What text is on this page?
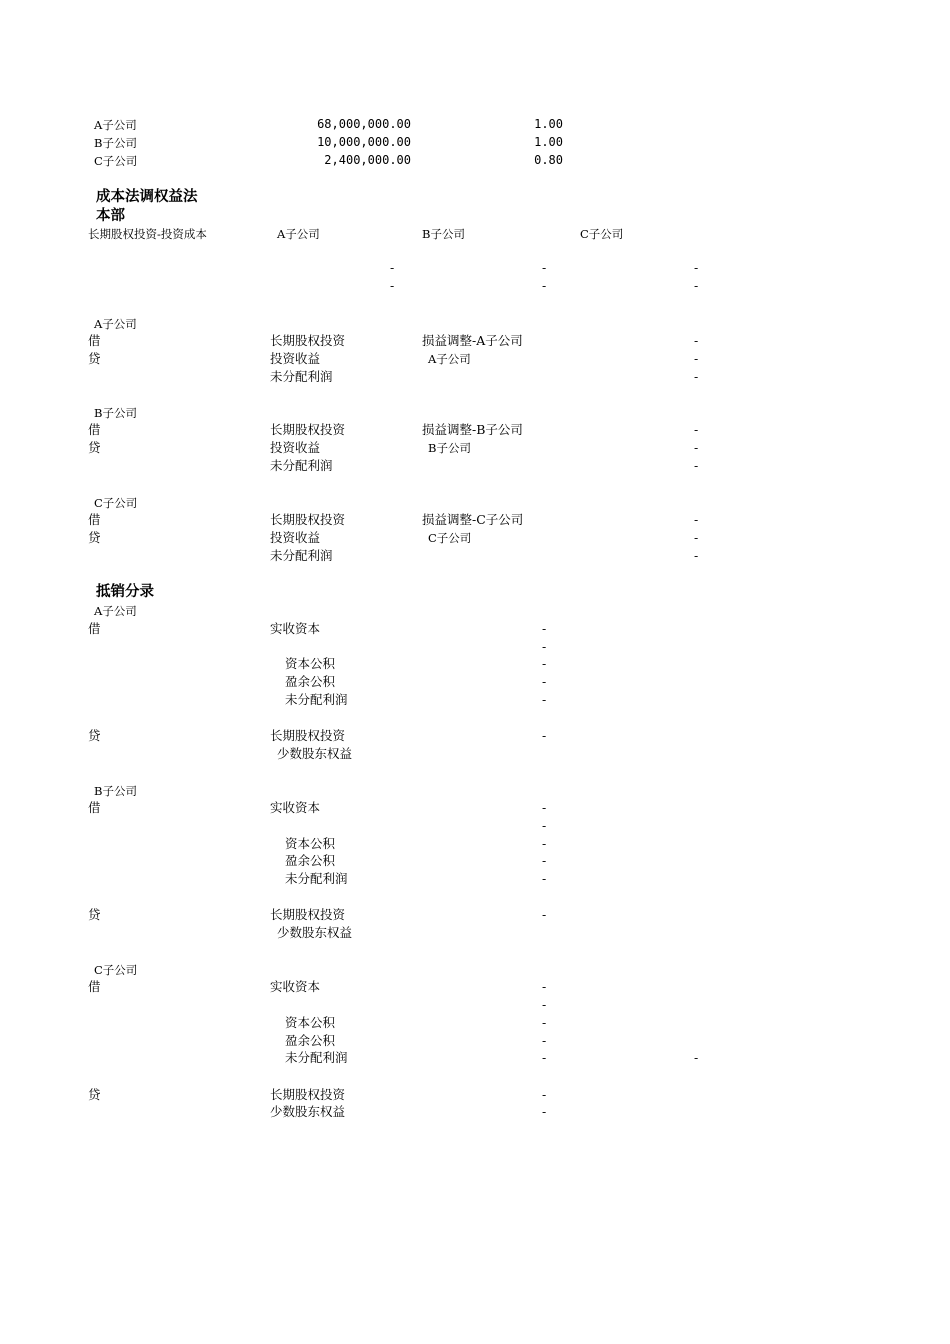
A子公司	68,000,000.00	1.00
B子公司	10,000,000.00	1.00
C子公司	2,400,000.00	0.80
成本法调权益法
本部
长期股权投资-投资成本	A子公司	B子公司	C子公司
-	-	-
-	-	-
A子公司
借	长期股权投资	损益调整-A子公司	-
贷	投资收益	A子公司	-
未分配利润	-
B子公司
借	长期股权投资	损益调整-B子公司	-
贷	投资收益	B子公司	-
未分配利润	-
C子公司
借	长期股权投资	损益调整-C子公司	-
贷	投资收益	C子公司	-
未分配利润	-
抵销分录
A子公司
借	实收资本	-
-
资本公积	-
盈余公积	-
未分配利润	-
贷	长期股权投资	-
少数股东权益
B子公司
借	实收资本	-
-
资本公积	-
盈余公积	-
未分配利润	-
贷	长期股权投资	-
少数股东权益
C子公司
借	实收资本	-
-
资本公积	-
盈余公积	-
未分配利润	-	-
贷	长期股权投资	-
少数股东权益	-
